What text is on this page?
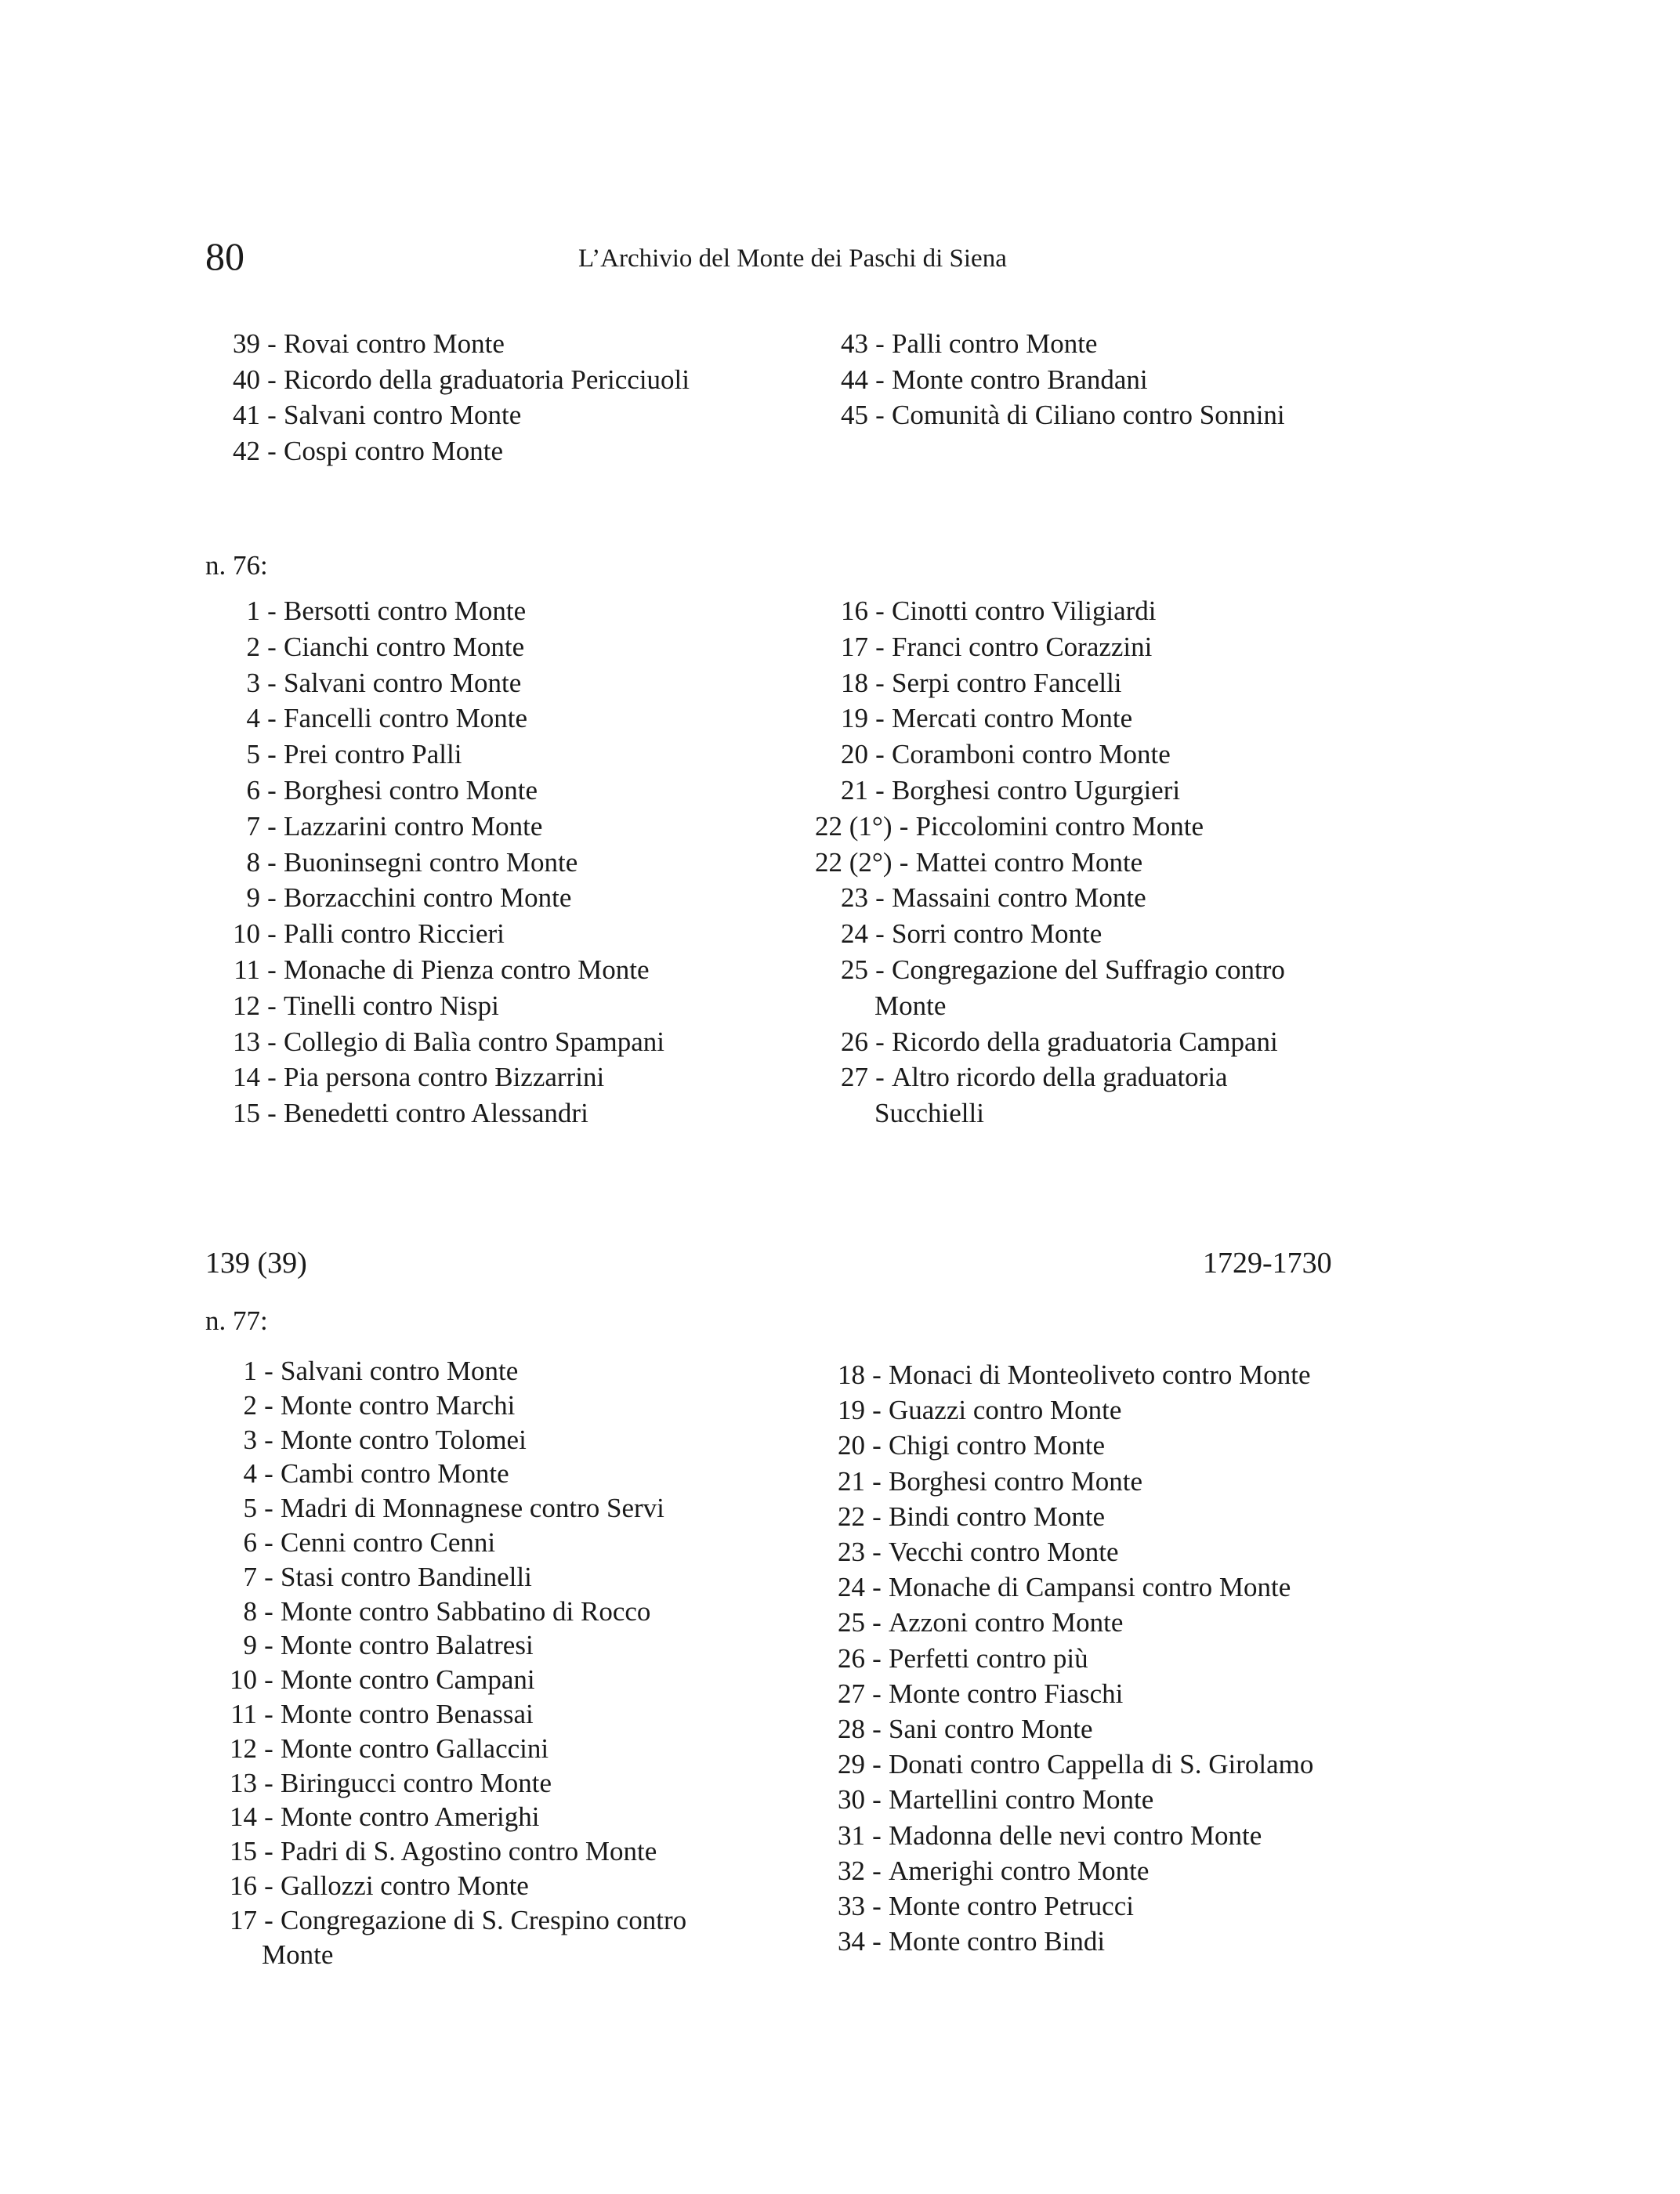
80	L’Archivio del Monte dei Paschi di Siena
39 - Rovai contro Monte
40 - Ricordo della graduatoria Pericciuoli
41 - Salvani contro Monte
42 - Cospi contro Monte
43 - Palli contro Monte
44 - Monte contro Brandani
45 - Comunità di Ciliano contro Sonnini
n. 76:
1 - Bersotti contro Monte
2 - Cianchi contro Monte
3 - Salvani contro Monte
4 - Fancelli contro Monte
5 - Prei contro Palli
6 - Borghesi contro Monte
7 - Lazzarini contro Monte
8 - Buoninsegni contro Monte
9 - Borzacchini contro Monte
10 - Palli contro Riccieri
11 - Monache di Pienza contro Monte
12 - Tinelli contro Nispi
13 - Collegio di Balìa contro Spampani
14 - Pia persona contro Bizzarrini
15 - Benedetti contro Alessandri
16 - Cinotti contro Viligiardi
17 - Franci contro Corazzini
18 - Serpi contro Fancelli
19 - Mercati contro Monte
20 - Coramboni contro Monte
21 - Borghesi contro Ugurgieri
22 (1°) - Piccolomini contro Monte
22 (2°) - Mattei contro Monte
23 - Massaini contro Monte
24 - Sorri contro Monte
25 - Congregazione del Suffragio contro
Monte
26 - Ricordo della graduatoria Campani
27 - Altro ricordo della graduatoria
Succhielli
139 (39)	1729-1730
n. 77:
1 - Salvani contro Monte
2 - Monte contro Marchi
3 - Monte contro Tolomei
4 - Cambi contro Monte
5 - Madri di Monnagnese contro Servi
6 - Cenni contro Cenni
7 - Stasi contro Bandinelli
8 - Monte contro Sabbatino di Rocco
9 - Monte contro Balatresi
10 - Monte contro Campani
11 - Monte contro Benassai
12 - Monte contro Gallaccini
13 - Biringucci contro Monte
14 - Monte contro Amerighi
15 - Padri di S. Agostino contro Monte
16 - Gallozzi contro Monte
17 - Congregazione di S. Crespino contro
Monte
18 - Monaci di Monteoliveto contro Monte
19 - Guazzi contro Monte
20 - Chigi contro Monte
21 - Borghesi contro Monte
22 - Bindi contro Monte
23 - Vecchi contro Monte
24 - Monache di Campansi contro Monte
25 - Azzoni contro Monte
26 - Perfetti contro più
27 - Monte contro Fiaschi
28 - Sani contro Monte
29 - Donati contro Cappella di S. Girolamo
30 - Martellini contro Monte
31 - Madonna delle nevi contro Monte
32 - Amerighi contro Monte
33 - Monte contro Petrucci
34 - Monte contro Bindi
